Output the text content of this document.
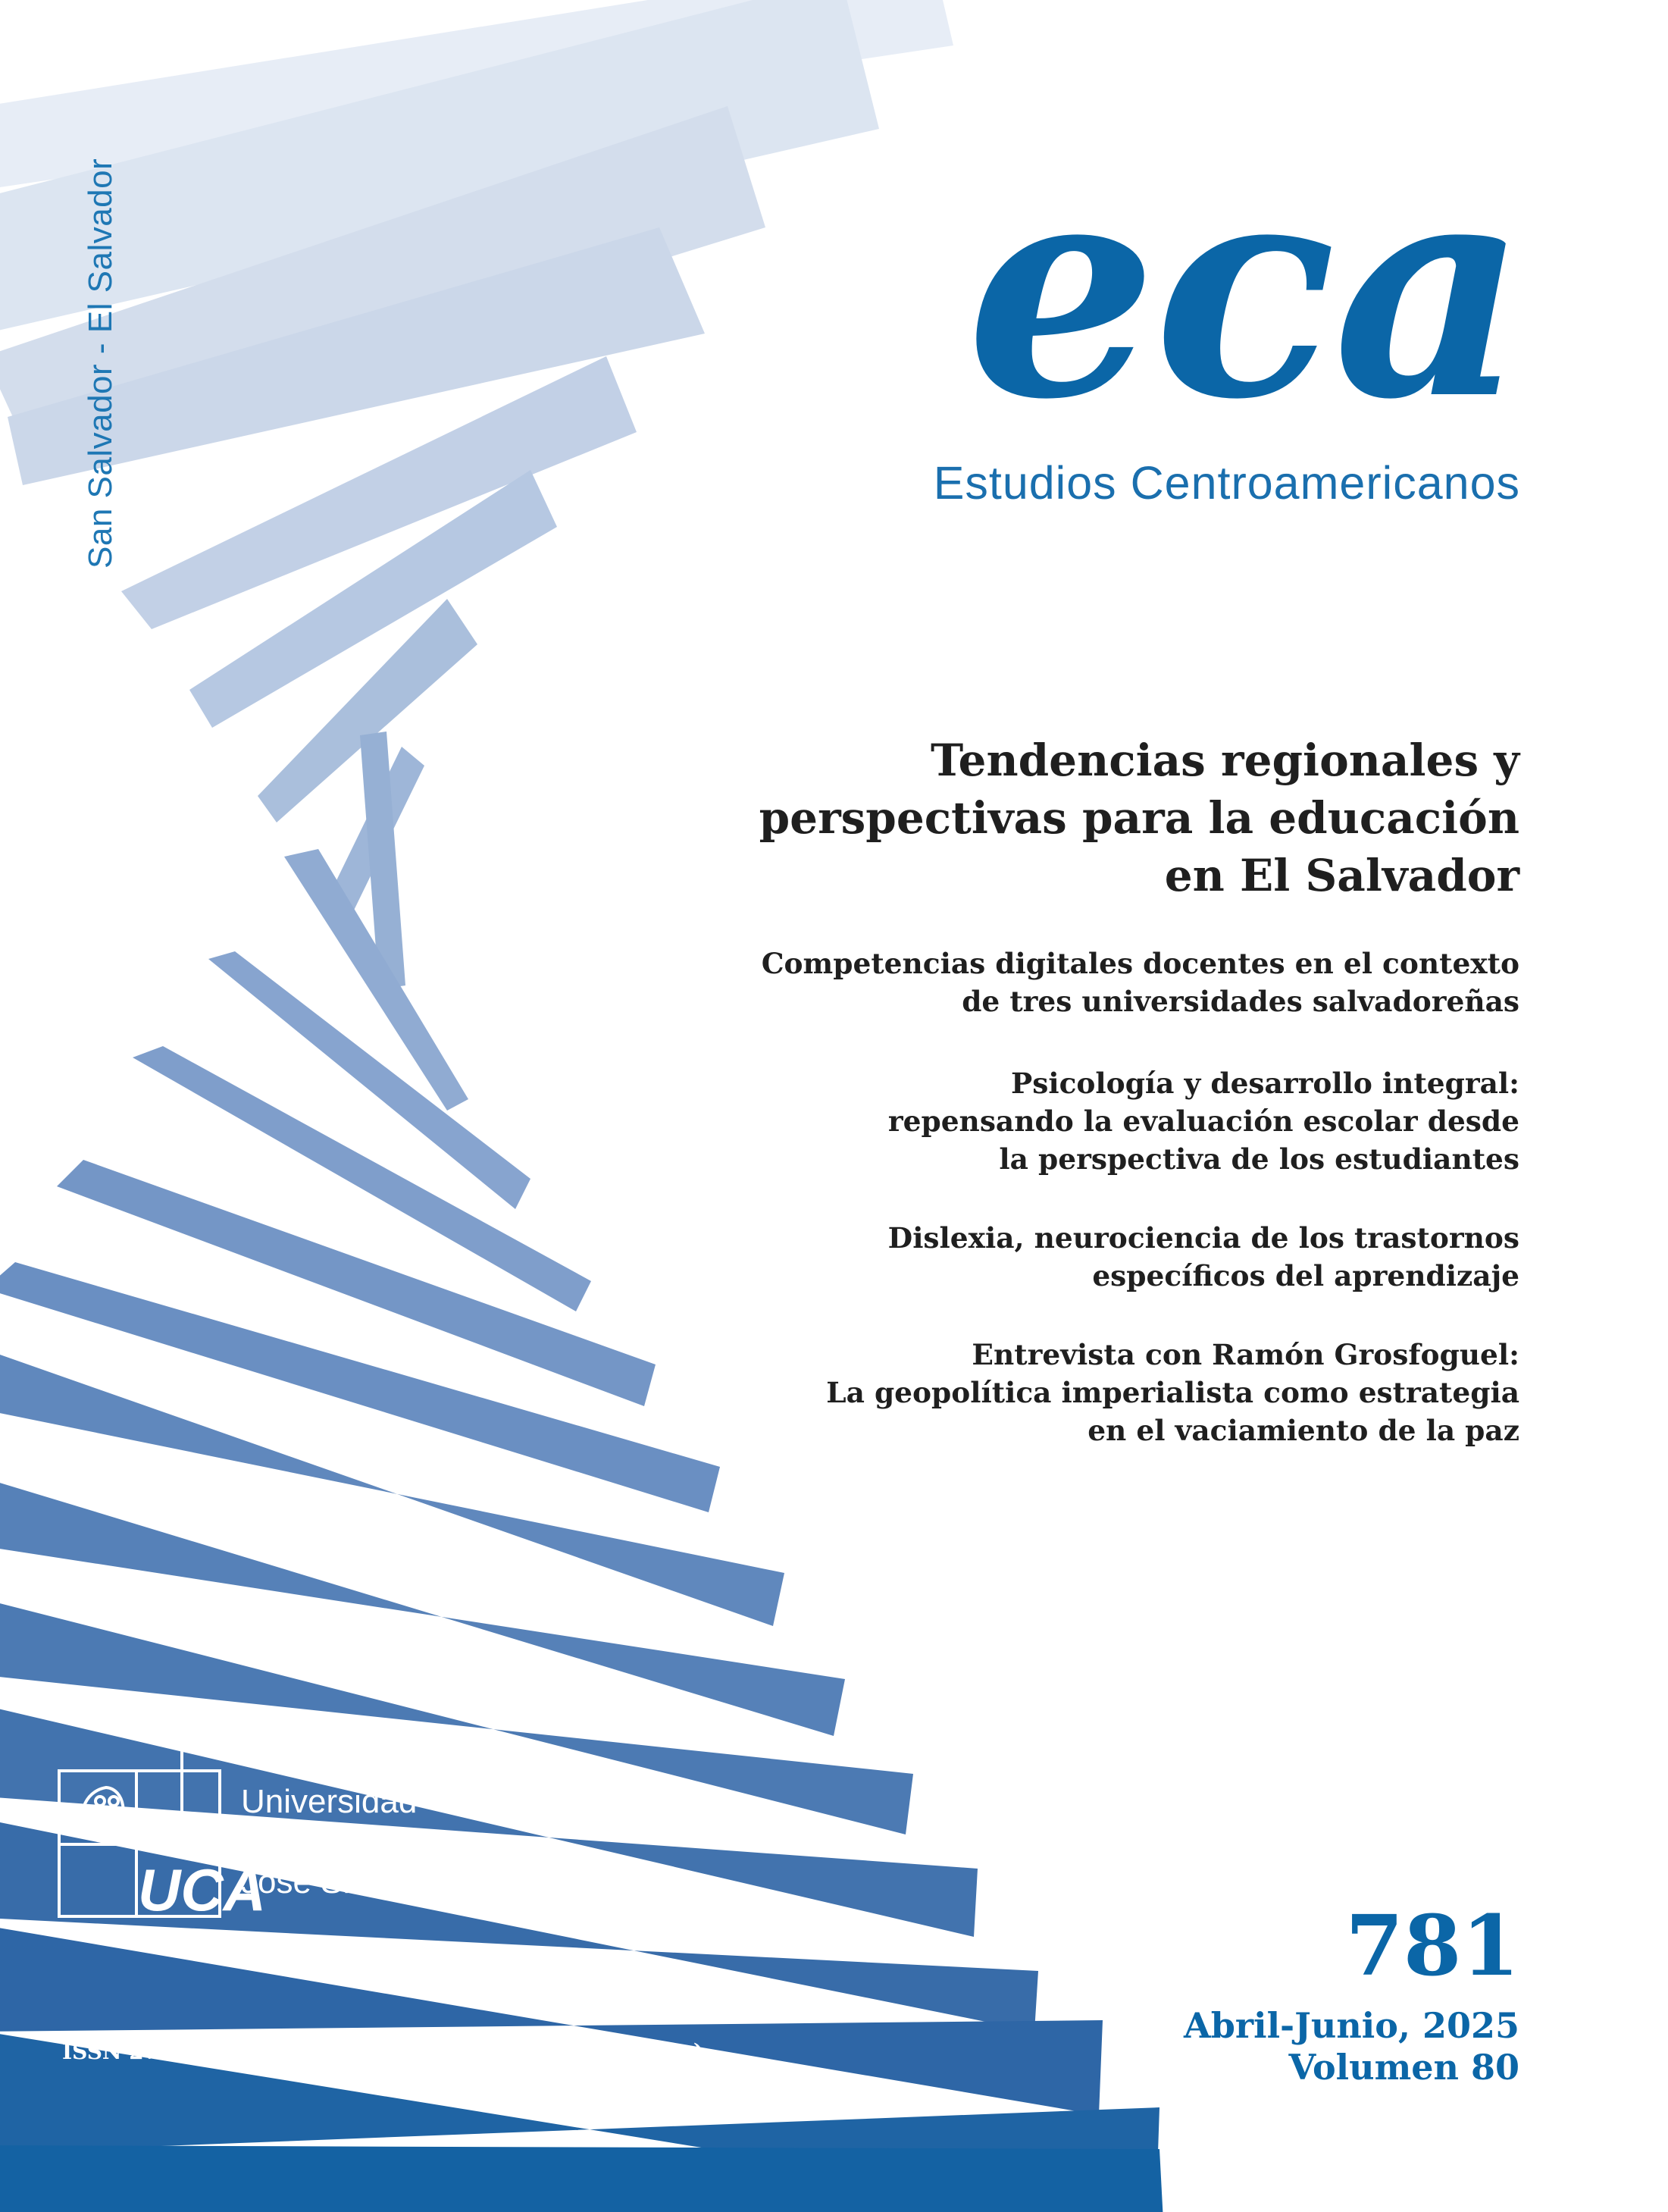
San Salvador - El Salvador	eca
Estudios Centroamericanos
Tendencias regionales y
perspectivas para la educación
en El Salvador
Competencias digitales docentes en el contexto
de tres universidades salvadoreñas
Psicología y desarrollo integral:
repensando la evaluación escolar desde
la perspectiva de los estudiantes
Dislexia, neurociencia de los trastornos
específicos del aprendizaje
Entrevista con Ramón Grosfoguel:
La geopolítica imperialista como estrategia
en el vaciamiento de la paz
UCA
Universidad
Centroamericana
José Simeón Cañas
ISSN 2788-9580 (en línea) ISSN 0014-1445 (impreso)
781
Abril-Junio, 2025
Volumen 80
